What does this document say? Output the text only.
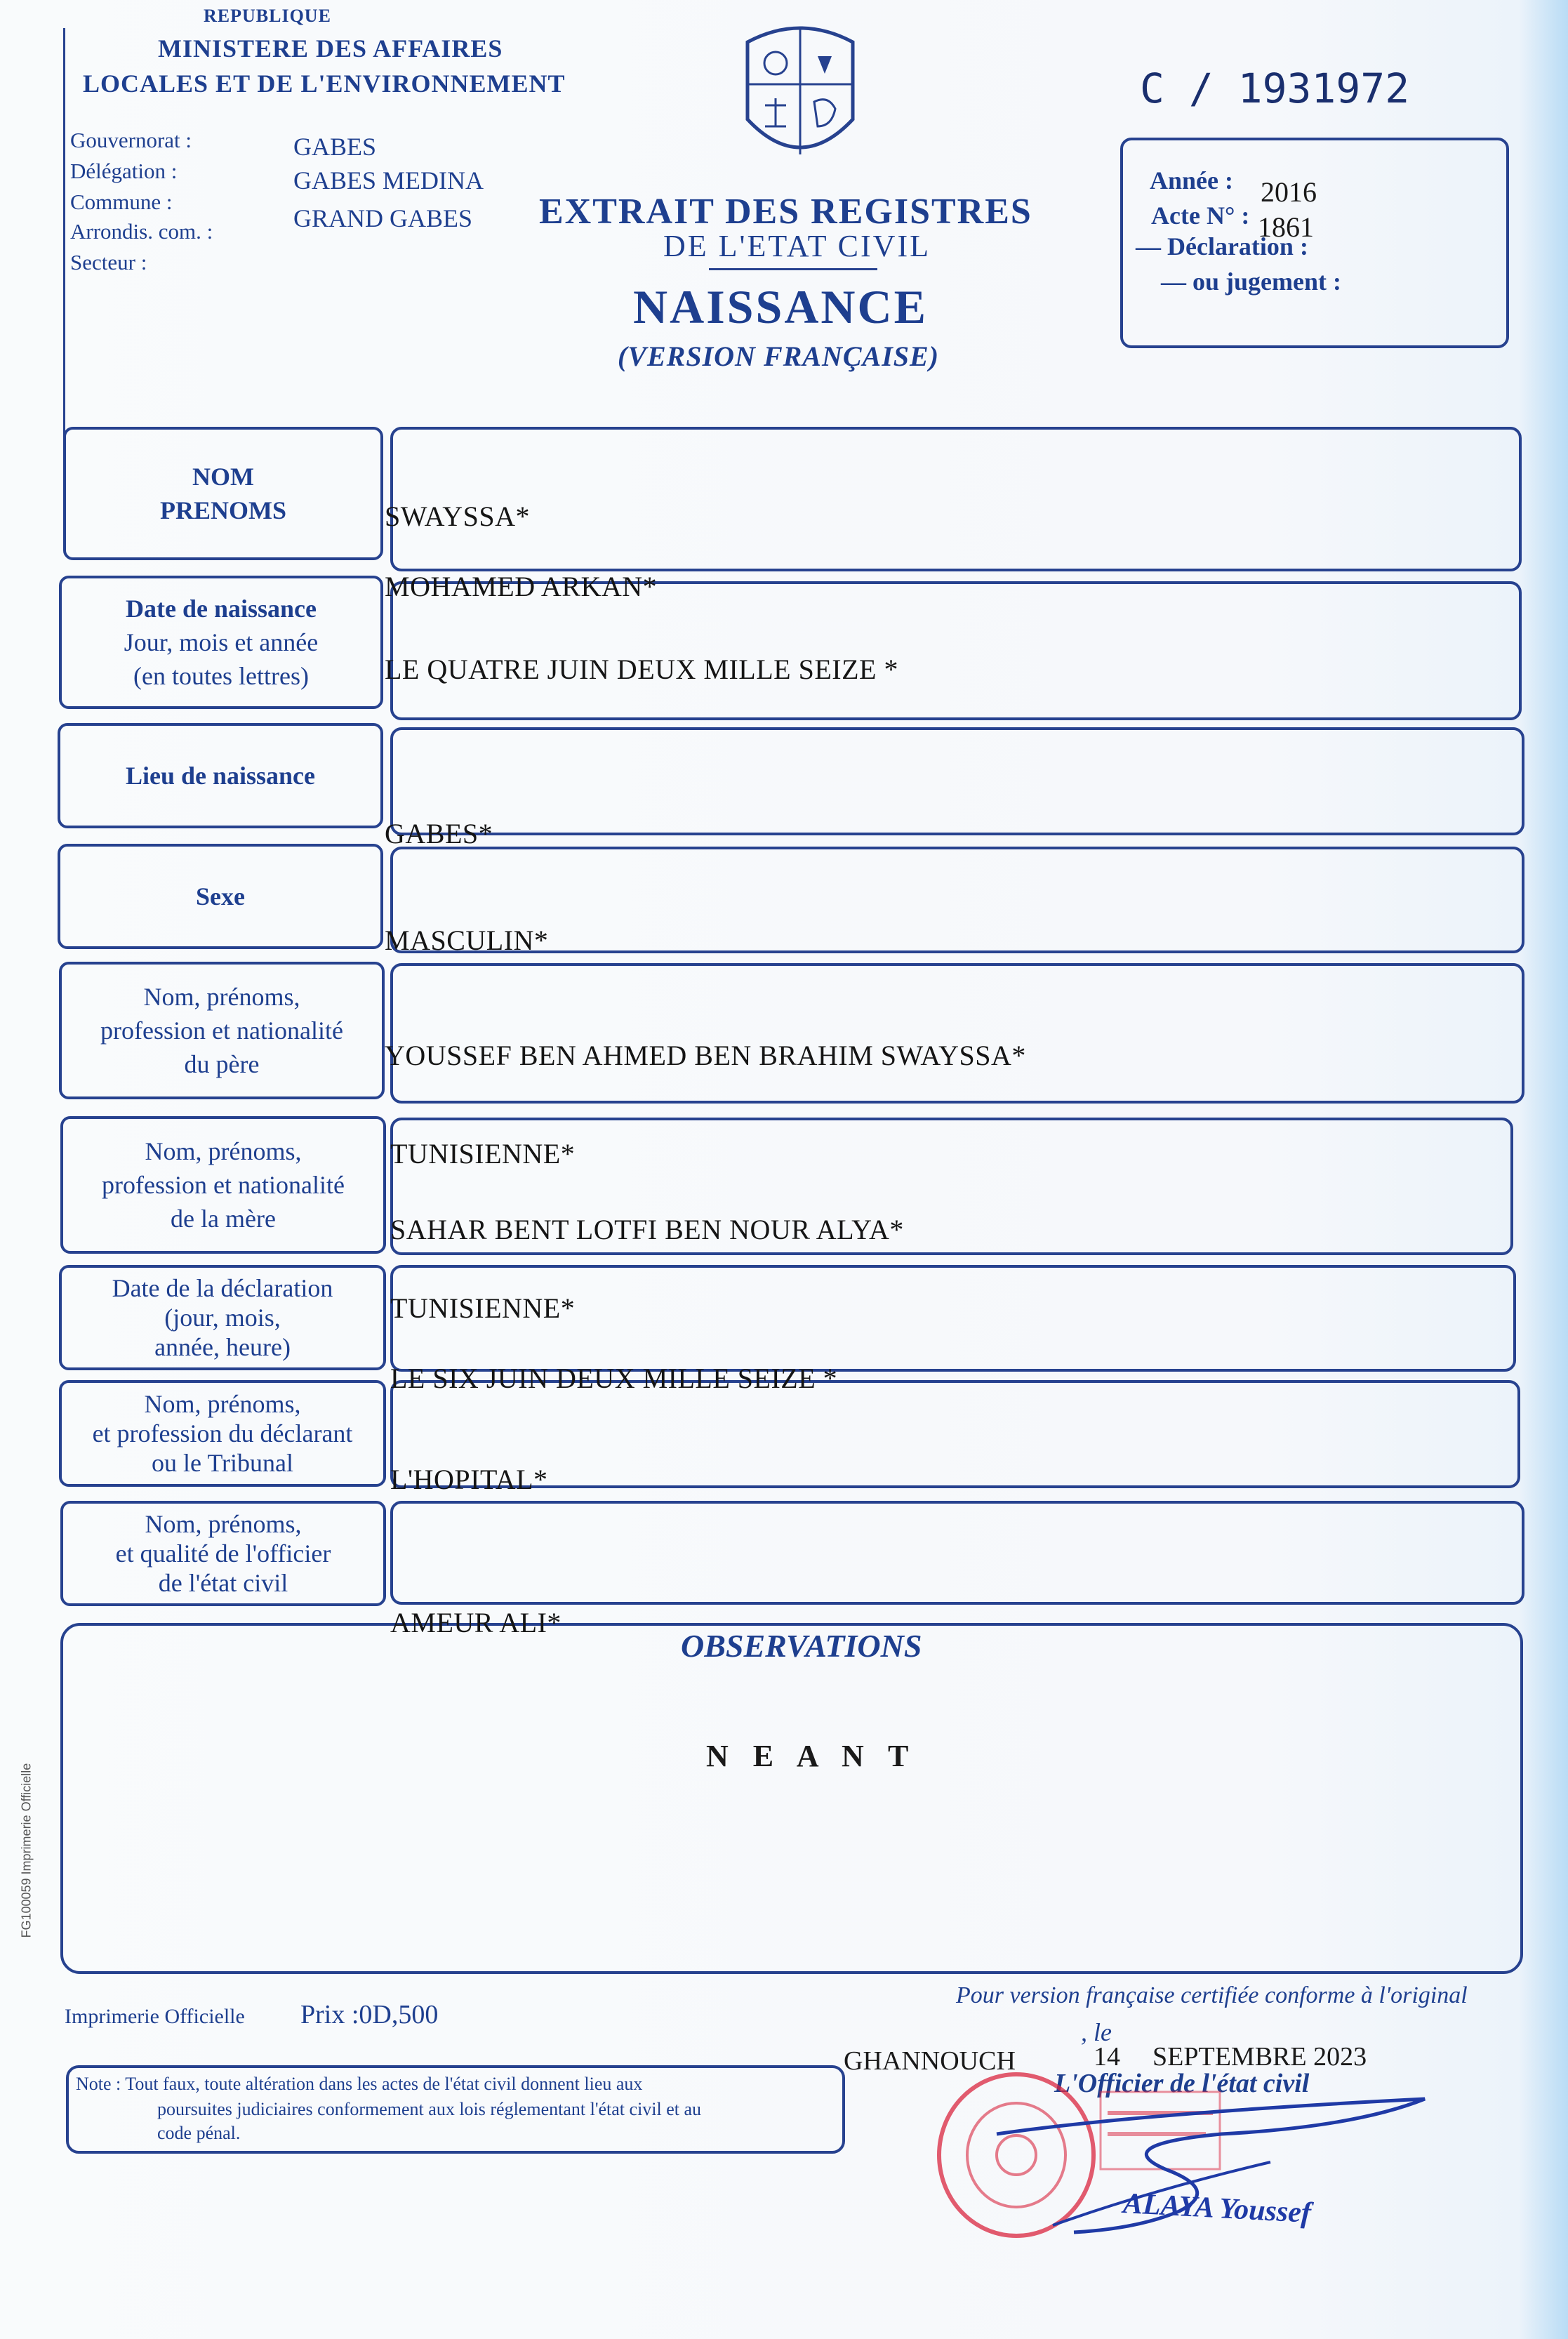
REPUBLIQUE
MINISTERE DES AFFAIRES
LOCALES ET DE L'ENVIRONNEMENT
Gouvernorat :
Délégation :
Commune :
Arrondis. com. :
Secteur :
GABES
GABES MEDINA
GRAND GABES EXTRAIT DES REGISTRES
DE L'ETAT CIVIL
NAISSANCE
(VERSION FRANÇAISE)
C / 1931972
Année : 2016
Acte N° : 1861
— Déclaration :
— ou jugement :
NOM
PRENOMS
Date de naissance
Jour, mois et année
(en toutes lettres)
Lieu de naissance
Sexe
Nom, prénoms,
profession et nationalité
du père
Nom, prénoms,
profession et nationalité
de la mère
Date de la déclaration
(jour, mois,
année, heure)
Nom, prénoms,
et profession du déclarant
ou le Tribunal
Nom, prénoms,
et qualité de l'officier
de l'état civil
OBSERVATIONS
N E A N T
SWAYSSA*
MOHAMED ARKAN*
LE QUATRE JUIN DEUX MILLE SEIZE *
GABES*
MASCULIN*
YOUSSEF BEN AHMED BEN BRAHIM SWAYSSA*
TUNISIENNE*
SAHAR BENT LOTFI BEN NOUR ALYA*
TUNISIENNE*
LE SIX JUIN DEUX MILLE SEIZE *
L'HOPITAL*
AMEUR ALI*
FG100059 Imprimerie Officielle
Imprimerie Officielle Prix :0D,500
Pour version française certifiée conforme à l'original
, le
GHANNOUCH	14 SEPTEMBRE 2023
L'Officier de l'état civil
Note : Tout faux, toute altération dans les actes de l'état civil donnent lieu aux
poursuites judiciaires conformement aux lois réglementant l'état civil et au
code pénal.
ALAYA Youssef
